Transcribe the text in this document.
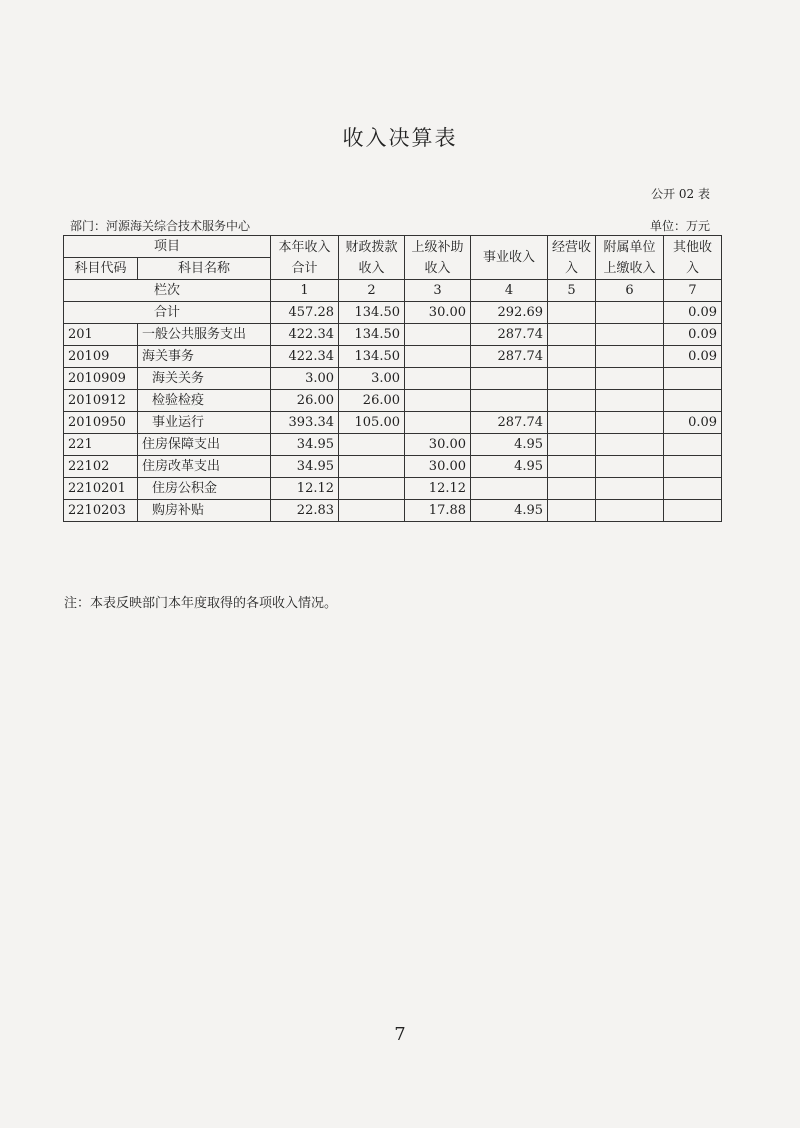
收入决算表
公开 02 表
部门：河源海关综合技术服务中心	单位：万元
项目		本年收入合计	财政拨款收入	上级补助收入	事业收入	经营收入	附属单位上缴收入	其他收入
科目代码	科目名称							
栏次		1	2	3	4	5	6	7
合计		457.28	134.50	30.00	292.69			0.09
201	一般公共服务支出	422.34	134.50		287.74			0.09
20109	海关事务	422.34	134.50		287.74			0.09
2010909	海关关务	3.00	3.00					
2010912	检验检疫	26.00	26.00					
2010950	事业运行	393.34	105.00		287.74			0.09
221	住房保障支出	34.95		30.00	4.95			
22102	住房改革支出	34.95		30.00	4.95			
2210201	住房公积金	12.12		12.12				
2210203	购房补贴	22.83		17.88	4.95			
注：本表反映部门本年度取得的各项收入情况。
7
